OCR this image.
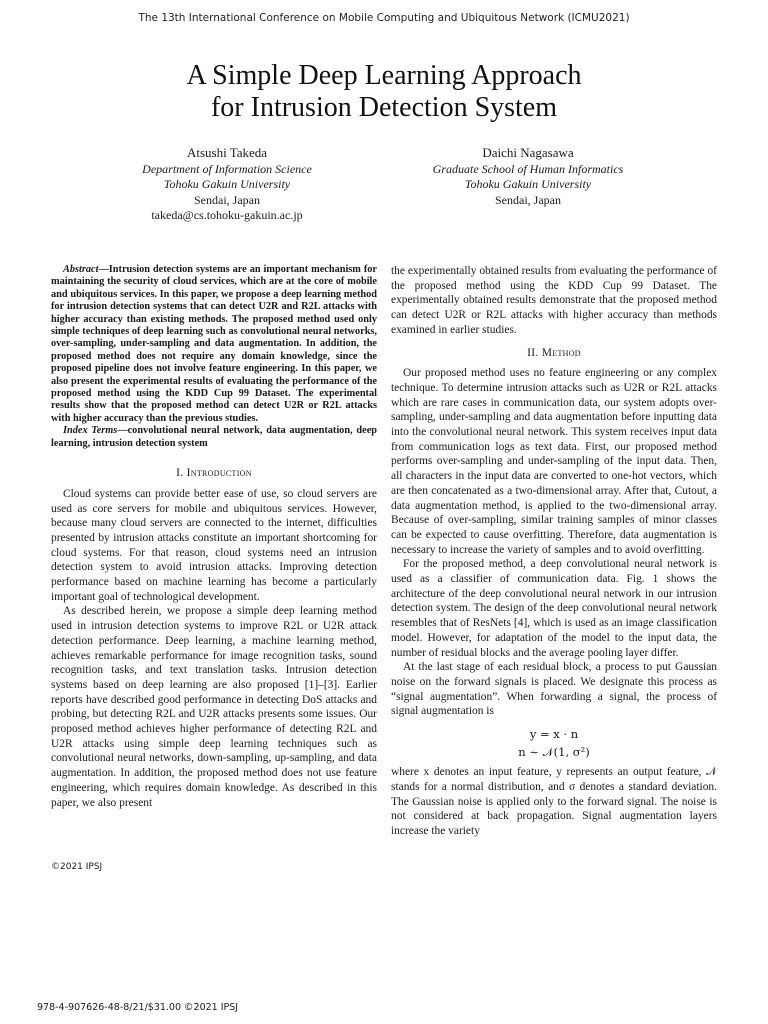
The 13th International Conference on Mobile Computing and Ubiquitous Network (ICMU2021)
A Simple Deep Learning Approach
for Intrusion Detection System
Atsushi Takeda
Department of Information Science
Tohoku Gakuin University
Sendai, Japan
takeda@cs.tohoku-gakuin.ac.jp
Daichi Nagasawa
Graduate School of Human Informatics
Tohoku Gakuin University
Sendai, Japan

Abstract—Intrusion detection systems are an important mechanism for maintaining the security of cloud services, which are at the core of mobile and ubiquitous services. In this paper, we propose a deep learning method for intrusion detection systems that can detect U2R and R2L attacks with higher accuracy than existing methods. The proposed method used only simple techniques of deep learning such as convolutional neural networks, over-sampling, under-sampling and data augmentation. In addition, the proposed method does not require any domain knowledge, since the proposed pipeline does not involve feature engineering. In this paper, we also present the experimental results of evaluating the performance of the proposed method using the KDD Cup 99 Dataset. The experimental results show that the proposed method can detect U2R or R2L attacks with higher accuracy than the previous studies.

Index Terms—convolutional neural network, data augmentation, deep learning, intrusion detection system

I. Introduction

Cloud systems can provide better ease of use, so cloud servers are used as core servers for mobile and ubiquitous services. However, because many cloud servers are connected to the internet, difficulties presented by intrusion attacks constitute an important shortcoming for cloud systems. For that reason, cloud systems need an intrusion detection system to avoid intrusion attacks. Improving detection performance based on machine learning has become a particularly important goal of technological development.

As described herein, we propose a simple deep learning method used in intrusion detection systems to improve R2L or U2R attack detection performance. Deep learning, a machine learning method, achieves remarkable performance for image recognition tasks, sound recognition tasks, and text translation tasks. Intrusion detection systems based on deep learning are also proposed [1]–[3]. Earlier reports have described good performance in detecting DoS attacks and probing, but detecting R2L and U2R attacks presents some issues. Our proposed method achieves higher performance of detecting R2L and U2R attacks using simple deep learning techniques such as convolutional neural networks, down-sampling, up-sampling, and data augmentation. In addition, the proposed method does not use feature engineering, which requires domain knowledge. As described in this paper, we also present

the experimentally obtained results from evaluating the performance of the proposed method using the KDD Cup 99 Dataset. The experimentally obtained results demonstrate that the proposed method can detect U2R or R2L attacks with higher accuracy than methods examined in earlier studies.

II. Method

Our proposed method uses no feature engineering or any complex technique. To determine intrusion attacks such as U2R or R2L attacks which are rare cases in communication data, our system adopts over-sampling, under-sampling and data augmentation before inputting data into the convolutional neural network. This system receives input data from communication logs as text data. First, our proposed method performs over-sampling and under-sampling of the input data. Then, all characters in the input data are converted to one-hot vectors, which are then concatenated as a two-dimensional array. After that, Cutout, a data augmentation method, is applied to the two-dimensional array. Because of over-sampling, similar training samples of minor classes can be expected to cause overfitting. Therefore, data augmentation is necessary to increase the variety of samples and to avoid overfitting.

For the proposed method, a deep convolutional neural network is used as a classifier of communication data. Fig. 1 shows the architecture of the deep convolutional neural network in our intrusion detection system. The design of the deep convolutional neural network resembles that of ResNets [4], which is used as an image classification model. However, for adaptation of the model to the input data, the number of residual blocks and the average pooling layer differ.

At the last stage of each residual block, a process to put Gaussian noise on the forward signals is placed. We designate this process as “signal augmentation”. When forwarding a signal, the process of signal augmentation is

y = x · n
n ∼ 𝒩(1, σ²)

where x denotes an input feature, y represents an output feature, 𝒩 stands for a normal distribution, and σ denotes a standard deviation. The Gaussian noise is applied only to the forward signal. The noise is not considered at back propagation. Signal augmentation layers increase the variety

©2021 IPSJ
978-4-907626-48-8/21/$31.00 ©2021 IPSJ
